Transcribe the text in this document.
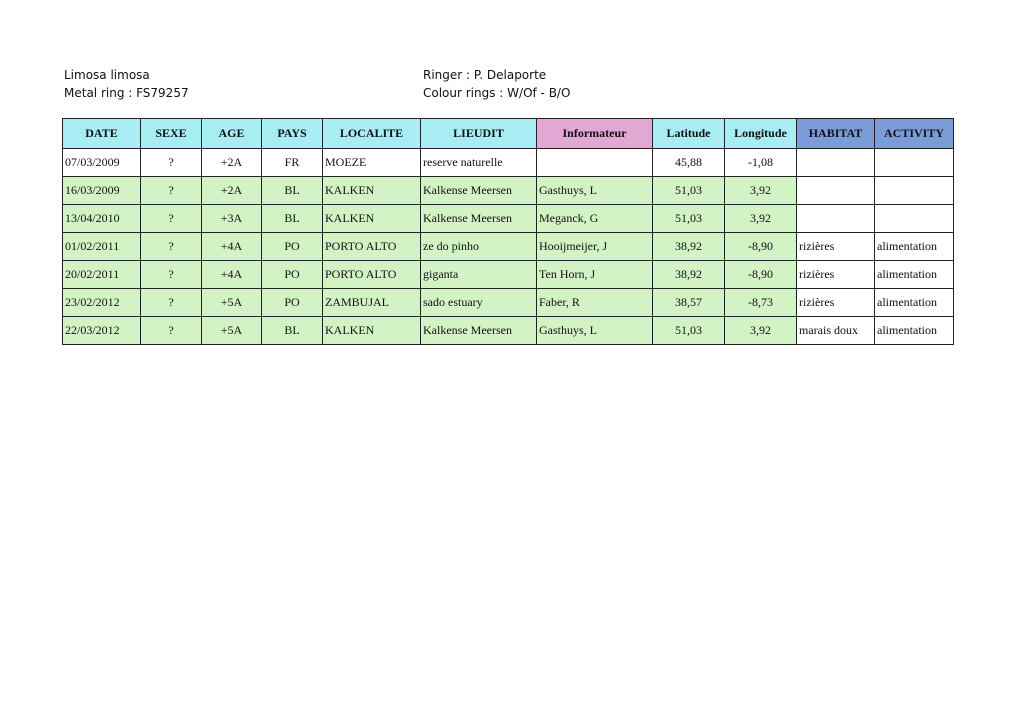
Limosa limosa
Metal ring : FS79257
Ringer : P. Delaporte
Colour rings : W/Of - B/O
DATE	SEXE	AGE	PAYS	LOCALITE	LIEUDIT	Informateur	Latitude	Longitude	HABITAT	ACTIVITY
07/03/2009	?	+2A	FR	MOEZE	reserve naturelle		45,88	-1,08		
16/03/2009	?	+2A	BL	KALKEN	Kalkense Meersen	Gasthuys, L	51,03	3,92		
13/04/2010	?	+3A	BL	KALKEN	Kalkense Meersen	Meganck, G	51,03	3,92		
01/02/2011	?	+4A	PO	PORTO ALTO	ze do pinho	Hooijmeijer, J	38,92	-8,90	rizières	alimentation
20/02/2011	?	+4A	PO	PORTO ALTO	giganta	Ten Horn, J	38,92	-8,90	rizières	alimentation
23/02/2012	?	+5A	PO	ZAMBUJAL	sado estuary	Faber, R	38,57	-8,73	rizières	alimentation
22/03/2012	?	+5A	BL	KALKEN	Kalkense Meersen	Gasthuys, L	51,03	3,92	marais doux	alimentation
